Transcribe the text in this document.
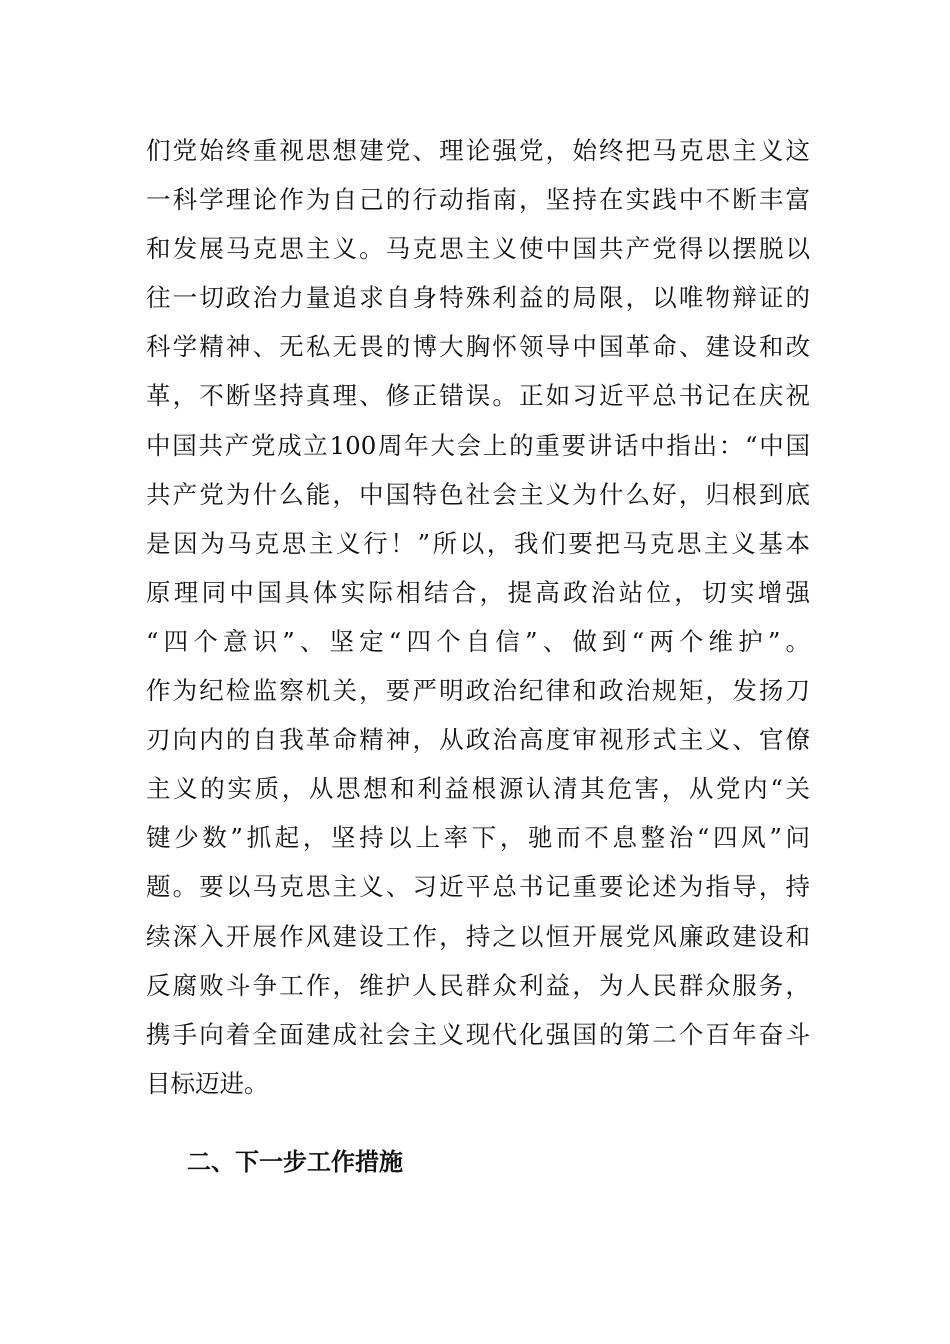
们党始终重视思想建党、理论强党，始终把马克思主义这
一科学理论作为自己的行动指南，坚持在实践中不断丰富
和发展马克思主义。马克思主义使中国共产党得以摆脱以
往一切政治力量追求自身特殊利益的局限，以唯物辩证的
科学精神、无私无畏的博大胸怀领导中国革命、建设和改
革，不断坚持真理、修正错误。正如习近平总书记在庆祝
中国共产党成立100周年大会上的重要讲话中指出：“中国
共产党为什么能，中国特色社会主义为什么好，归根到底
是因为马克思主义行！”所以，我们要把马克思主义基本
原理同中国具体实际相结合，提高政治站位，切实增强
“四个意识”、坚定“四个自信”、做到“两个维护”。
作为纪检监察机关，要严明政治纪律和政治规矩，发扬刀
刃向内的自我革命精神，从政治高度审视形式主义、官僚
主义的实质，从思想和利益根源认清其危害，从党内“关
键少数”抓起，坚持以上率下，驰而不息整治“四风”问
题。要以马克思主义、习近平总书记重要论述为指导，持
续深入开展作风建设工作，持之以恒开展党风廉政建设和
反腐败斗争工作，维护人民群众利益，为人民群众服务，
携手向着全面建成社会主义现代化强国的第二个百年奋斗
目标迈进。
二、下一步工作措施
